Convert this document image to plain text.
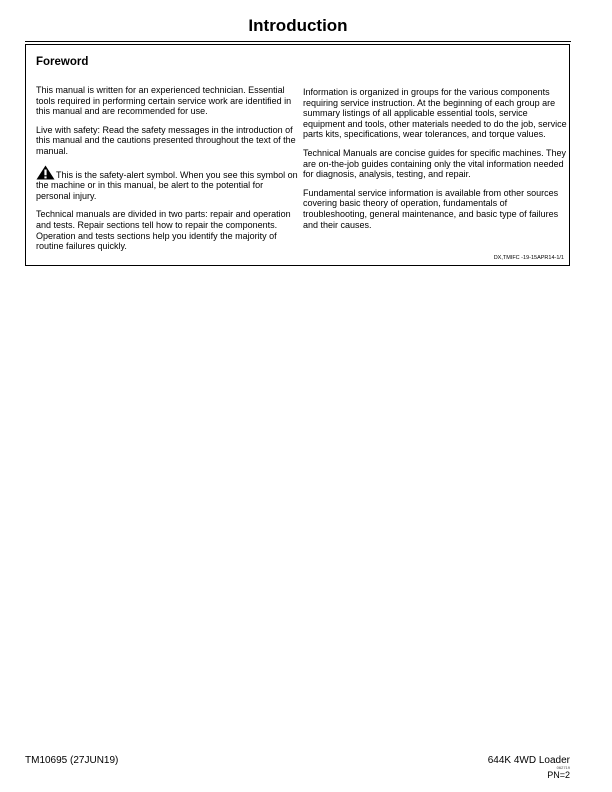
Introduction
Foreword

This manual is written for an experienced technician. Essential tools required in performing certain service work are identified in this manual and are recommended for use.

Live with safety: Read the safety messages in the introduction of this manual and the cautions presented throughout the text of the manual.

This is the safety-alert symbol. When you see this symbol on the machine or in this manual, be alert to the potential for personal injury.

Technical manuals are divided in two parts: repair and operation and tests. Repair sections tell how to repair the components. Operation and tests sections help you identify the majority of routine failures quickly.

Information is organized in groups for the various components requiring service instruction. At the beginning of each group are summary listings of all applicable essential tools, service equipment and tools, other materials needed to do the job, service parts kits, specifications, wear tolerances, and torque values.

Technical Manuals are concise guides for specific machines. They are on-the-job guides containing only the vital information needed for diagnosis, analysis, testing, and repair.

Fundamental service information is available from other sources covering basic theory of operation, fundamentals of troubleshooting, general maintenance, and basic type of failures and their causes.

DX,TMIFC -19-15APR14-1/1
TM10695 (27JUN19)	644K 4WD Loader
062719
PN=2
